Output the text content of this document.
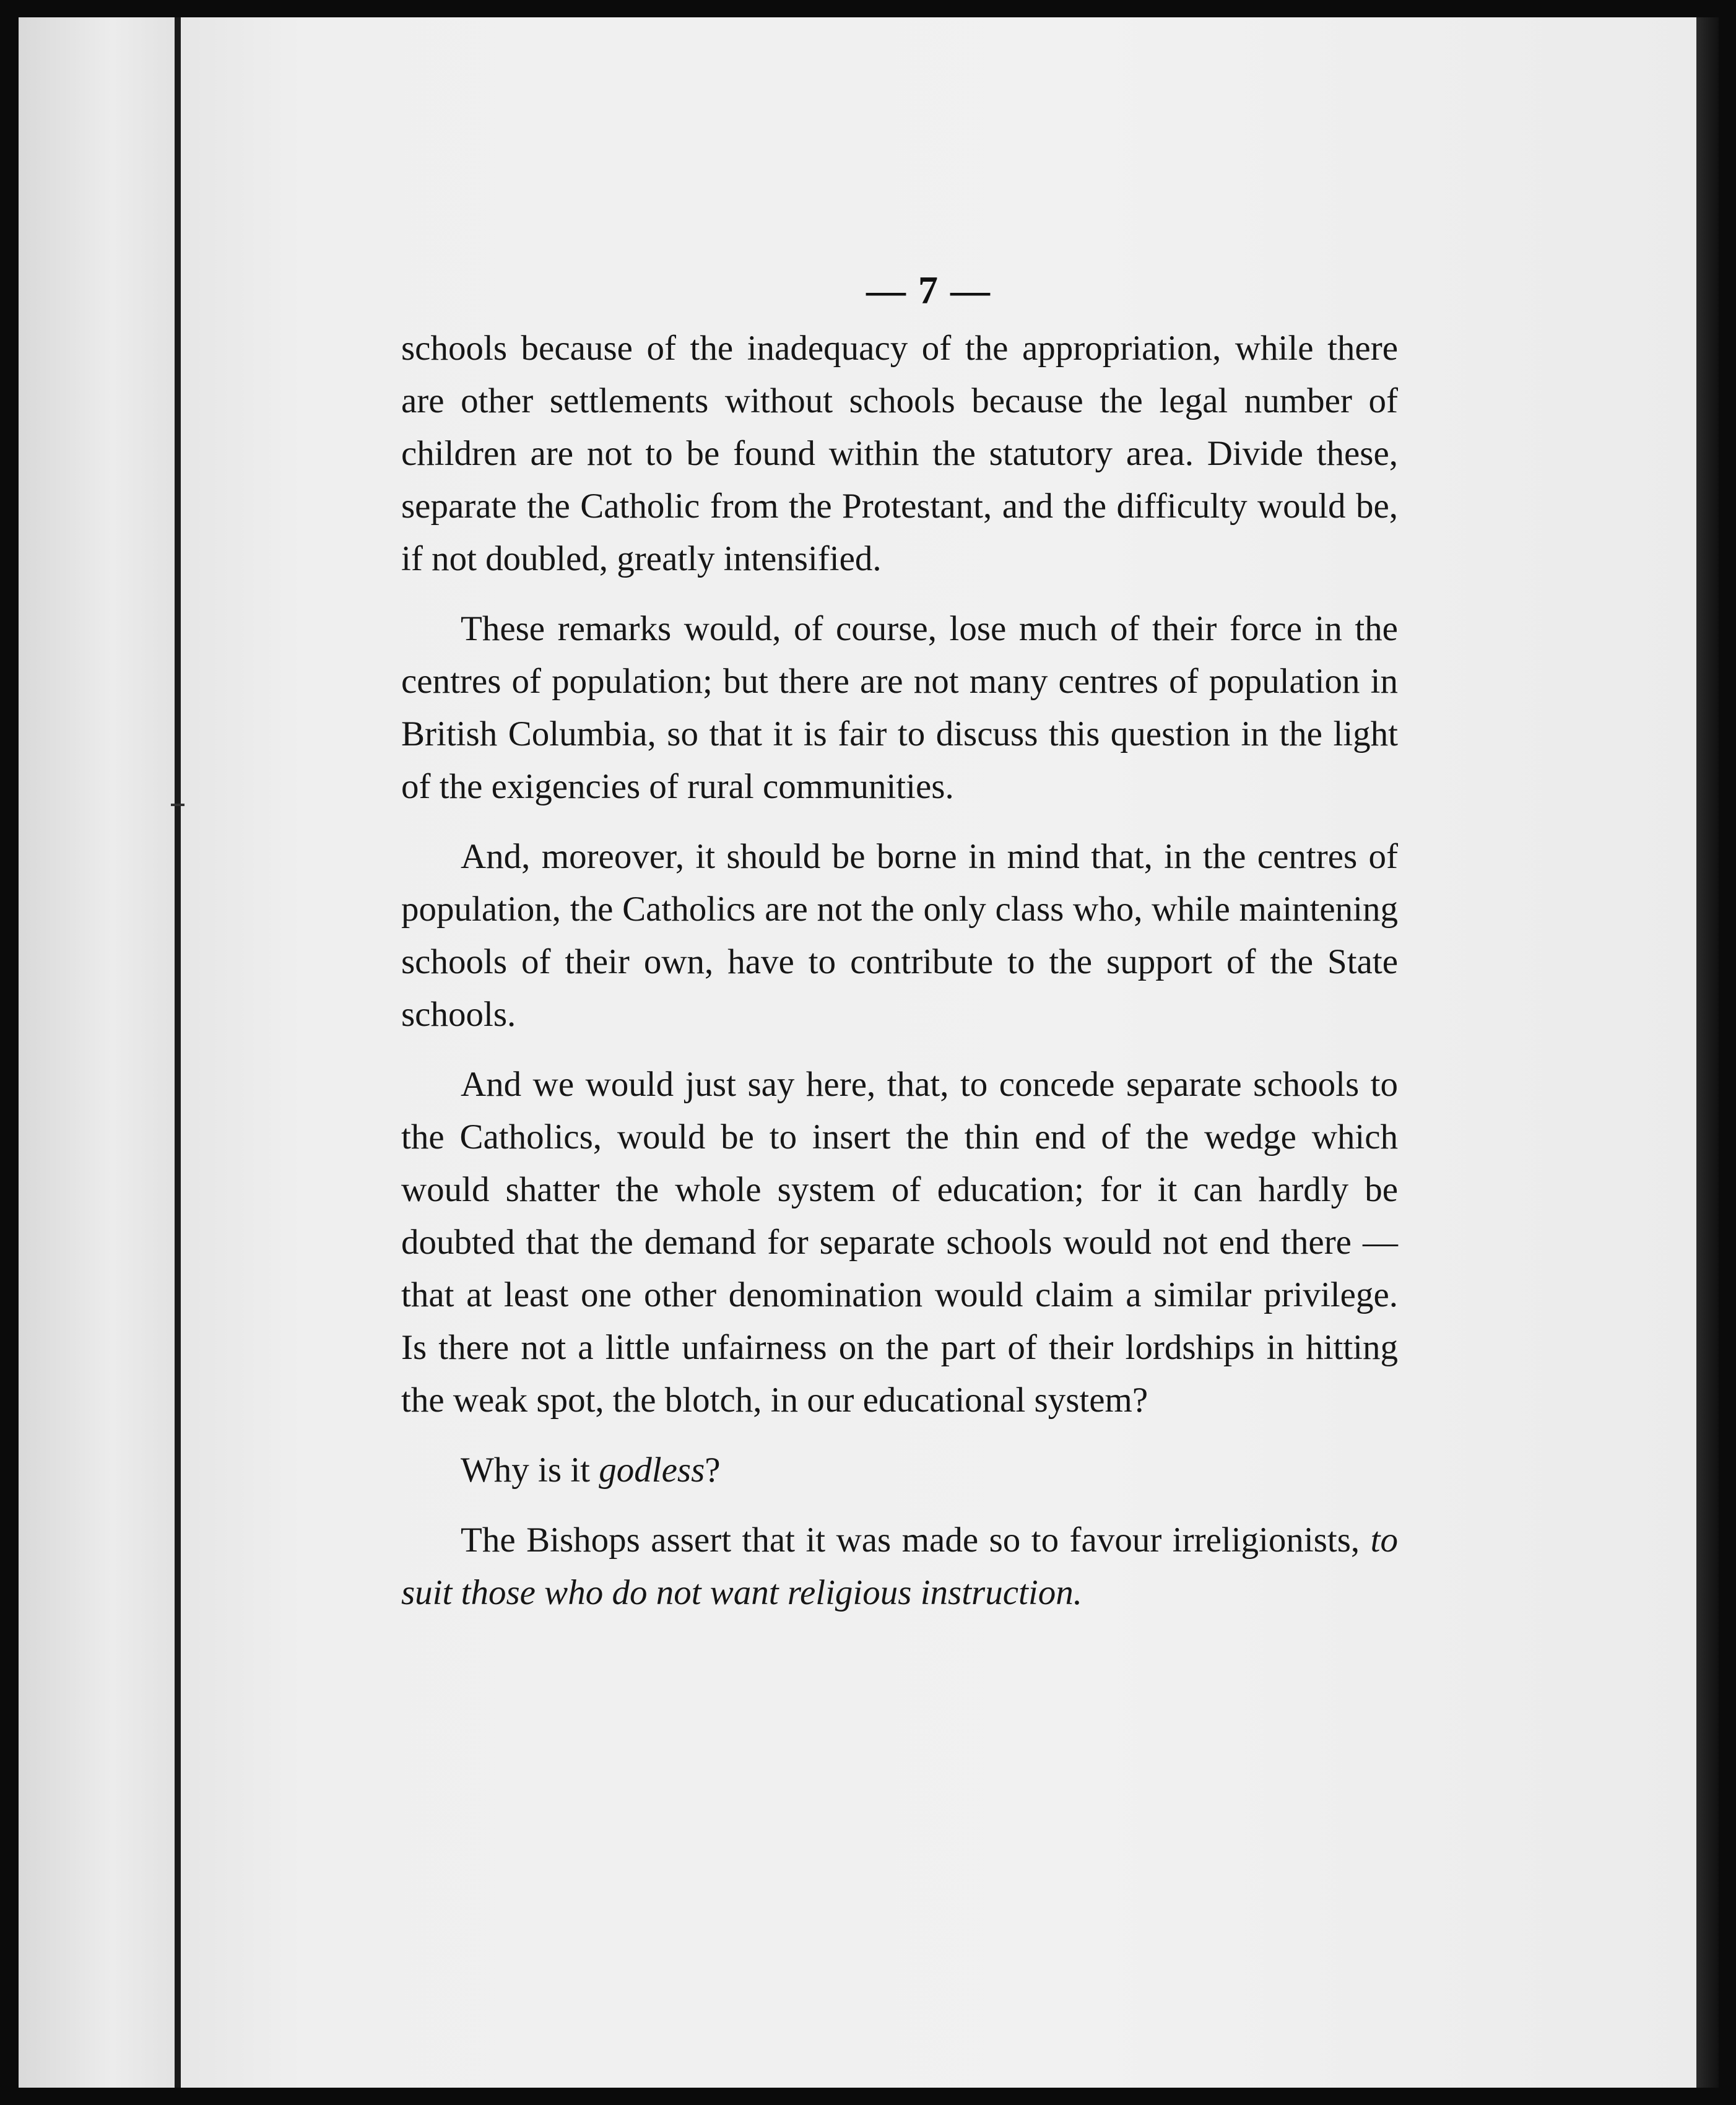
— 7 —

schools because of the inadequacy of the appropriation, while there are other settlements without schools because the legal number of children are not to be found within the statutory area. Divide these, separate the Catholic from the Protestant, and the difficulty would be, if not doubled, greatly intensified.

These remarks would, of course, lose much of their force in the centres of population; but there are not many centres of population in British Columbia, so that it is fair to discuss this question in the light of the exigencies of rural communities.

And, moreover, it should be borne in mind that, in the centres of population, the Catholics are not the only class who, while maintening schools of their own, have to contribute to the support of the State schools.

And we would just say here, that, to concede separate schools to the Catholics, would be to insert the thin end of the wedge which would shatter the whole system of education; for it can hardly be doubted that the demand for separate schools would not end there — that at least one other denomination would claim a similar privilege. Is there not a little unfairness on the part of their lordships in hitting the weak spot, the blotch, in our educational system?

Why is it godless?

The Bishops assert that it was made so to favour irreligionists, to suit those who do not want religious instruction.
